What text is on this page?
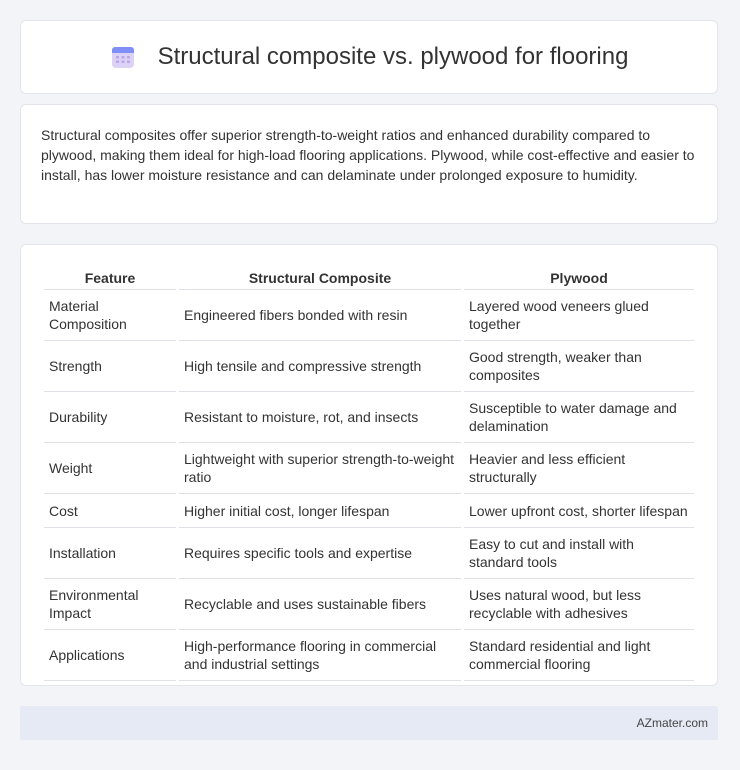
Structural composite vs. plywood for flooring

Structural composites offer superior strength-to-weight ratios and enhanced durability compared to plywood, making them ideal for high-load flooring applications. Plywood, while cost-effective and easier to install, has lower moisture resistance and can delaminate under prolonged exposure to humidity.

Feature	Structural Composite	Plywood
Material Composition	Engineered fibers bonded with resin	Layered wood veneers glued together
Strength	High tensile and compressive strength	Good strength, weaker than composites
Durability	Resistant to moisture, rot, and insects	Susceptible to water damage and delamination
Weight	Lightweight with superior strength-to-weight ratio	Heavier and less efficient structurally
Cost	Higher initial cost, longer lifespan	Lower upfront cost, shorter lifespan
Installation	Requires specific tools and expertise	Easy to cut and install with standard tools
Environmental Impact	Recyclable and uses sustainable fibers	Uses natural wood, but less recyclable with adhesives
Applications	High-performance flooring in commercial and industrial settings	Standard residential and light commercial flooring
AZmater.com
